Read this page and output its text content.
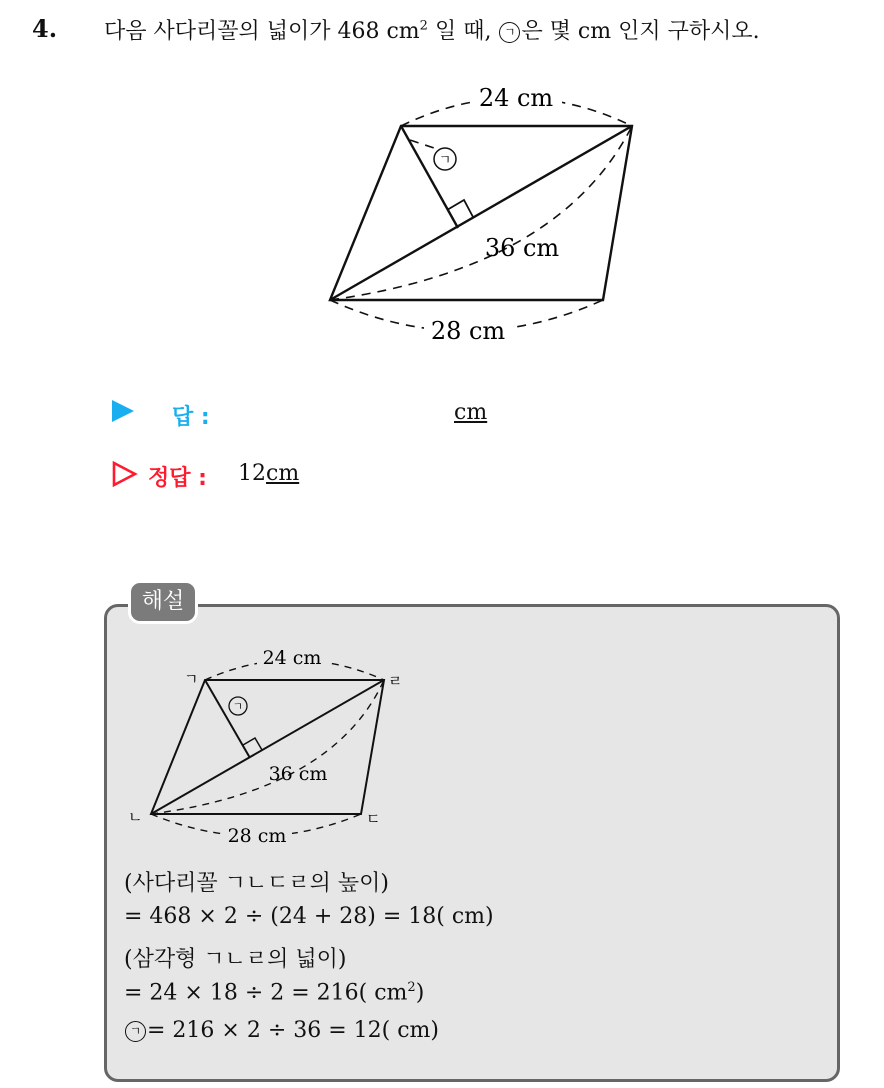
4. 다음 사다리꼴의 넓이가 468 $cm^2$ 일 때, ㄱ 은 몇 cm 인지 구하시오.
24 cm
36 cm
28 cm
ㄱ
답 :	cm
정답 : 12cm
해설
24 cm
36 cm
28 cm
ㄱ
ㄱ
ㄴ	ㄷ
ㄹ
(사다리꼴 ㄱㄴㄷㄹ의 높이)
= 468 × 2 ÷ (24 + 28) = 18( cm)
(삼각형 ㄱㄴㄹ의 넓이)
= 24 × 18 ÷ 2 = 216( $cm^2$)
ㄱ = 216 × 2 ÷ 36 = 12( cm)
